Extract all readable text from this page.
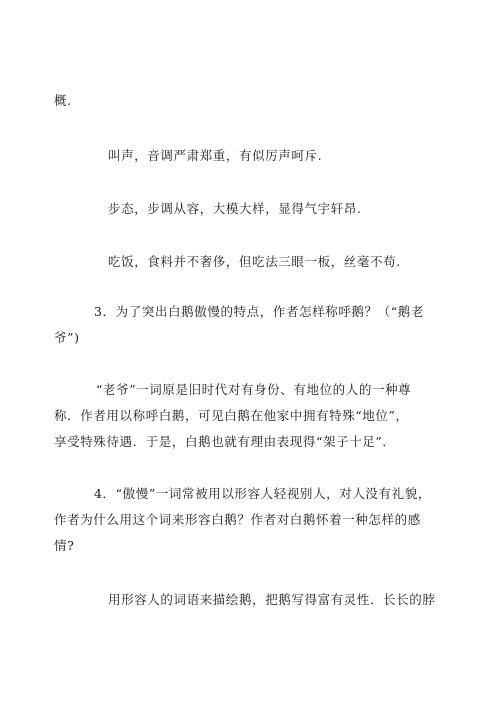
概.
叫声，音调严肃郑重，有似厉声呵斥.
步态，步调从容，大模大样，显得气宇轩昂.
吃饭，食料并不奢侈，但吃法三眼一板，丝毫不苟.
3．为了突出白鹅傲慢的特点，作者怎样称呼鹅？（“鹅老
爷”)
“老爷”一词原是旧时代对有身份、有地位的人的一种尊
称．作者用以称呼白鹅，可见白鹅在他家中拥有特殊“地位”，
享受特殊待遇．于是，白鹅也就有理由表现得“架子十足”．
4．“傲慢”一词常被用以形容人轻视别人，对人没有礼貌，
作者为什么用这个词来形容白鹅？作者对白鹅怀着一种怎样的感
情?
用形容人的词语来描绘鹅，把鹅写得富有灵性．长长的脖
